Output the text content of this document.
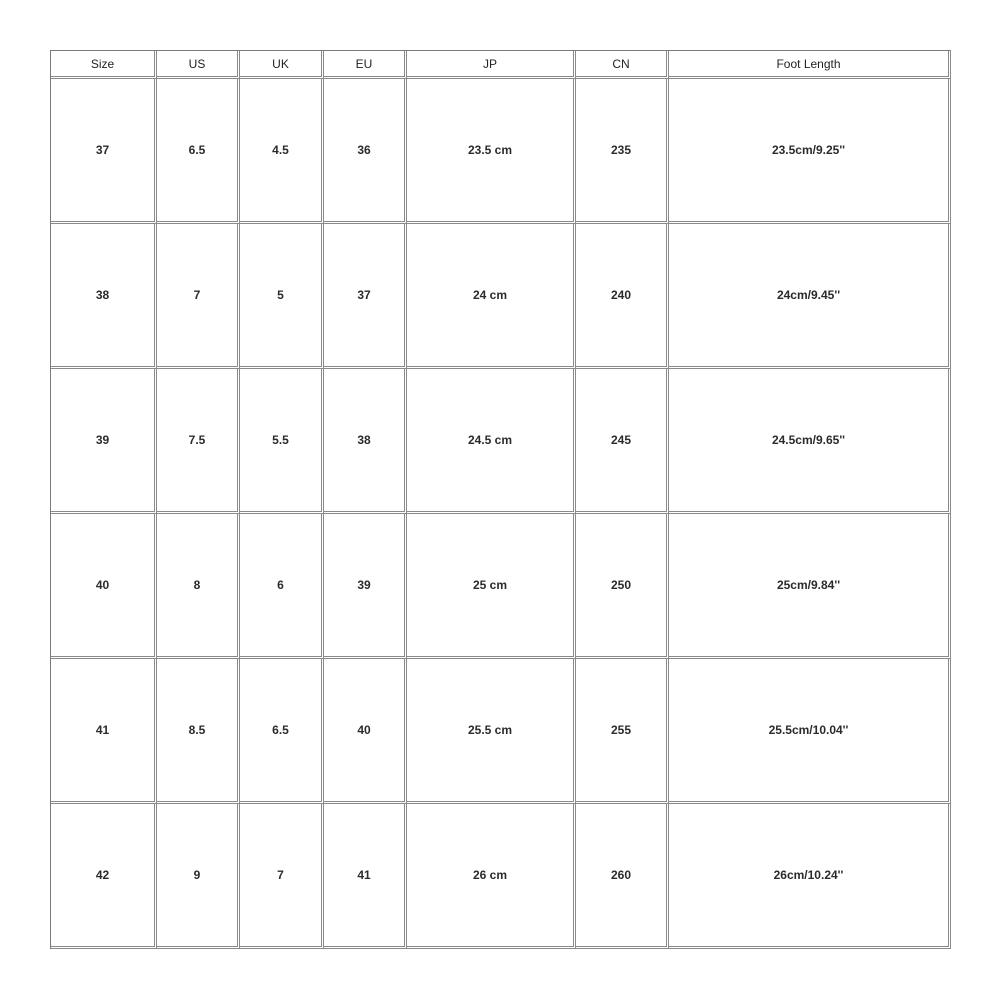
Size	US	UK	EU	JP	CN	Foot Length
37	6.5	4.5	36	23.5 cm	235	23.5cm/9.25''
38	7	5	37	24 cm	240	24cm/9.45''
39	7.5	5.5	38	24.5 cm	245	24.5cm/9.65''
40	8	6	39	25 cm	250	25cm/9.84''
41	8.5	6.5	40	25.5 cm	255	25.5cm/10.04''
42	9	7	41	26 cm	260	26cm/10.24''
